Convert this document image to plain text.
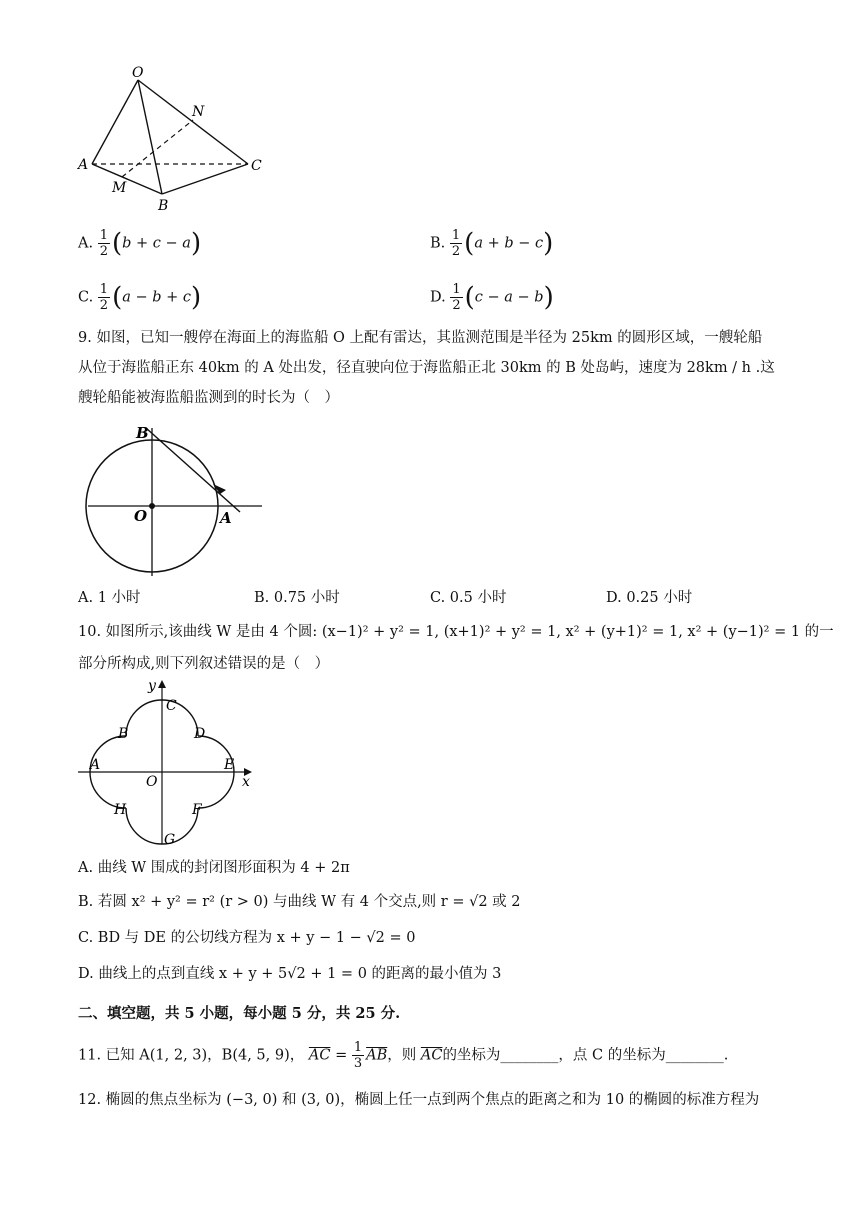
O
N
A	C
M
B
A. $\frac{1}{2} (b + c - a)$	B. $\frac{1}{2} (a + b - c)$
C. $\frac{1}{2} (a - b + c)$	D. $\frac{1}{2} (c - a - b)$
9. 如图，已知一艘停在海面上的海监船 O 上配有雷达，其监测范围是半径为 25km 的圆形区域，一艘轮船
从位于海监船正东 40km 的 A 处出发，径直驶向位于海监船正北 30km 的 B 处岛屿，速度为 28km / h .这
艘轮船能被海监船监测到的时长为（　）
B
O	A
A. 1 小时	B. 0.75 小时	C. 0.5 小时	D. 0.25 小时
10. 如图所示,该曲线 W 是由 4 个圆: (x−1)² + y² = 1, (x+1)² + y² = 1, x² + (y+1)² = 1, x² + (y−1)² = 1 的一
部分所构成,则下列叙述错误的是（　）
y
x
C
B	D
A	E
O
H	F
G
A. 曲线 W 围成的封闭图形面积为 4 + 2π
B. 若圆 x² + y² = r² (r > 0) 与曲线 W 有 4 个交点,则 r = √2 或 2
C. BD 与 DE 的公切线方程为 x + y − 1 − √2 = 0
D. 曲线上的点到直线 x + y + 5√2 + 1 = 0 的距离的最小值为 3
二、填空题，共 5 小题，每小题 5 分，共 25 分.
11. 已知 A(1, 2, 3)，B(4, 5, 9)， $\overline{AC} = \frac{1}{3} \overline{AB}$，则 $\overline{AC}$的坐标为________，点 C 的坐标为________.
12. 椭圆的焦点坐标为 (−3, 0) 和 (3, 0)，椭圆上任一点到两个焦点的距离之和为 10 的椭圆的标准方程为
